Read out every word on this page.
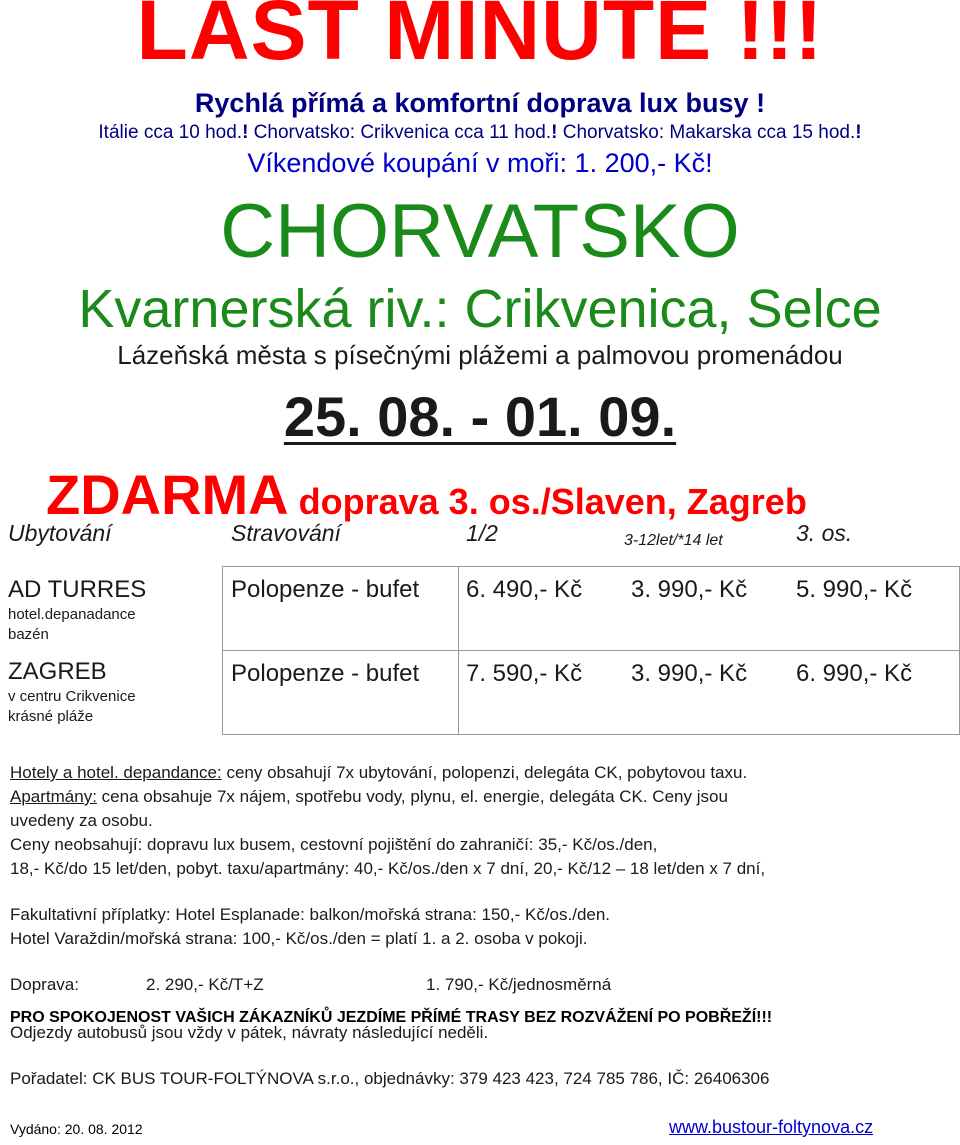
LAST MINUTE !!!
Rychlá přímá a komfortní doprava lux busy !
Itálie cca 10 hod.! Chorvatsko: Crikvenica cca 11 hod.! Chorvatsko: Makarska cca 15 hod.!
Víkendové koupání v moři: 1. 200,- Kč!
CHORVATSKO
Kvarnerská riv.: Crikvenica, Selce
Lázeňská města s písečnými plážemi a palmovou promenádou
25. 08. - 01. 09.
ZDARMA doprava 3. os./Slaven, Zagreb
Ubytování	Stravování	1/2	3-12let/*14 let	3. os.
AD TURRES
hotel.depanadance
bazén
Polopenze - bufet 6. 490,- Kč 3. 990,- Kč 5. 990,- Kč
ZAGREB
v centru Crikvenice
krásné pláže
Polopenze - bufet 7. 590,- Kč 3. 990,- Kč 6. 990,- Kč
Hotely a hotel. depandance: ceny obsahují 7x ubytování, polopenzi, delegáta CK, pobytovou taxu.
Apartmány: cena obsahuje 7x nájem, spotřebu vody, plynu, el. energie, delegáta CK. Ceny jsou
uvedeny za osobu.
Ceny neobsahují: dopravu lux busem, cestovní pojištění do zahraničí: 35,- Kč/os./den,
18,- Kč/do 15 let/den, pobyt. taxu/apartmány: 40,- Kč/os./den x 7 dní, 20,- Kč/12 – 18 let/den x 7 dní,
Fakultativní příplatky: Hotel Esplanade: balkon/mořská strana: 150,- Kč/os./den.
Hotel Varaždin/mořská strana: 100,- Kč/os./den = platí 1. a 2. osoba v pokoji.
Doprava:	2. 290,- Kč/T+Z	1. 790,- Kč/jednosměrná
PRO SPOKOJENOST VAŠICH ZÁKAZNÍKŮ JEZDÍME PŘÍMÉ TRASY BEZ ROZVÁŽENÍ PO POBŘEŽÍ!!!
Odjezdy autobusů jsou vždy v pátek, návraty následující neděli.
Pořadatel: CK BUS TOUR-FOLTÝNOVA s.r.o., objednávky: 379 423 423, 724 785 786, IČ: 26406306
Vydáno: 20. 08. 2012	www.bustour-foltynova.cz
